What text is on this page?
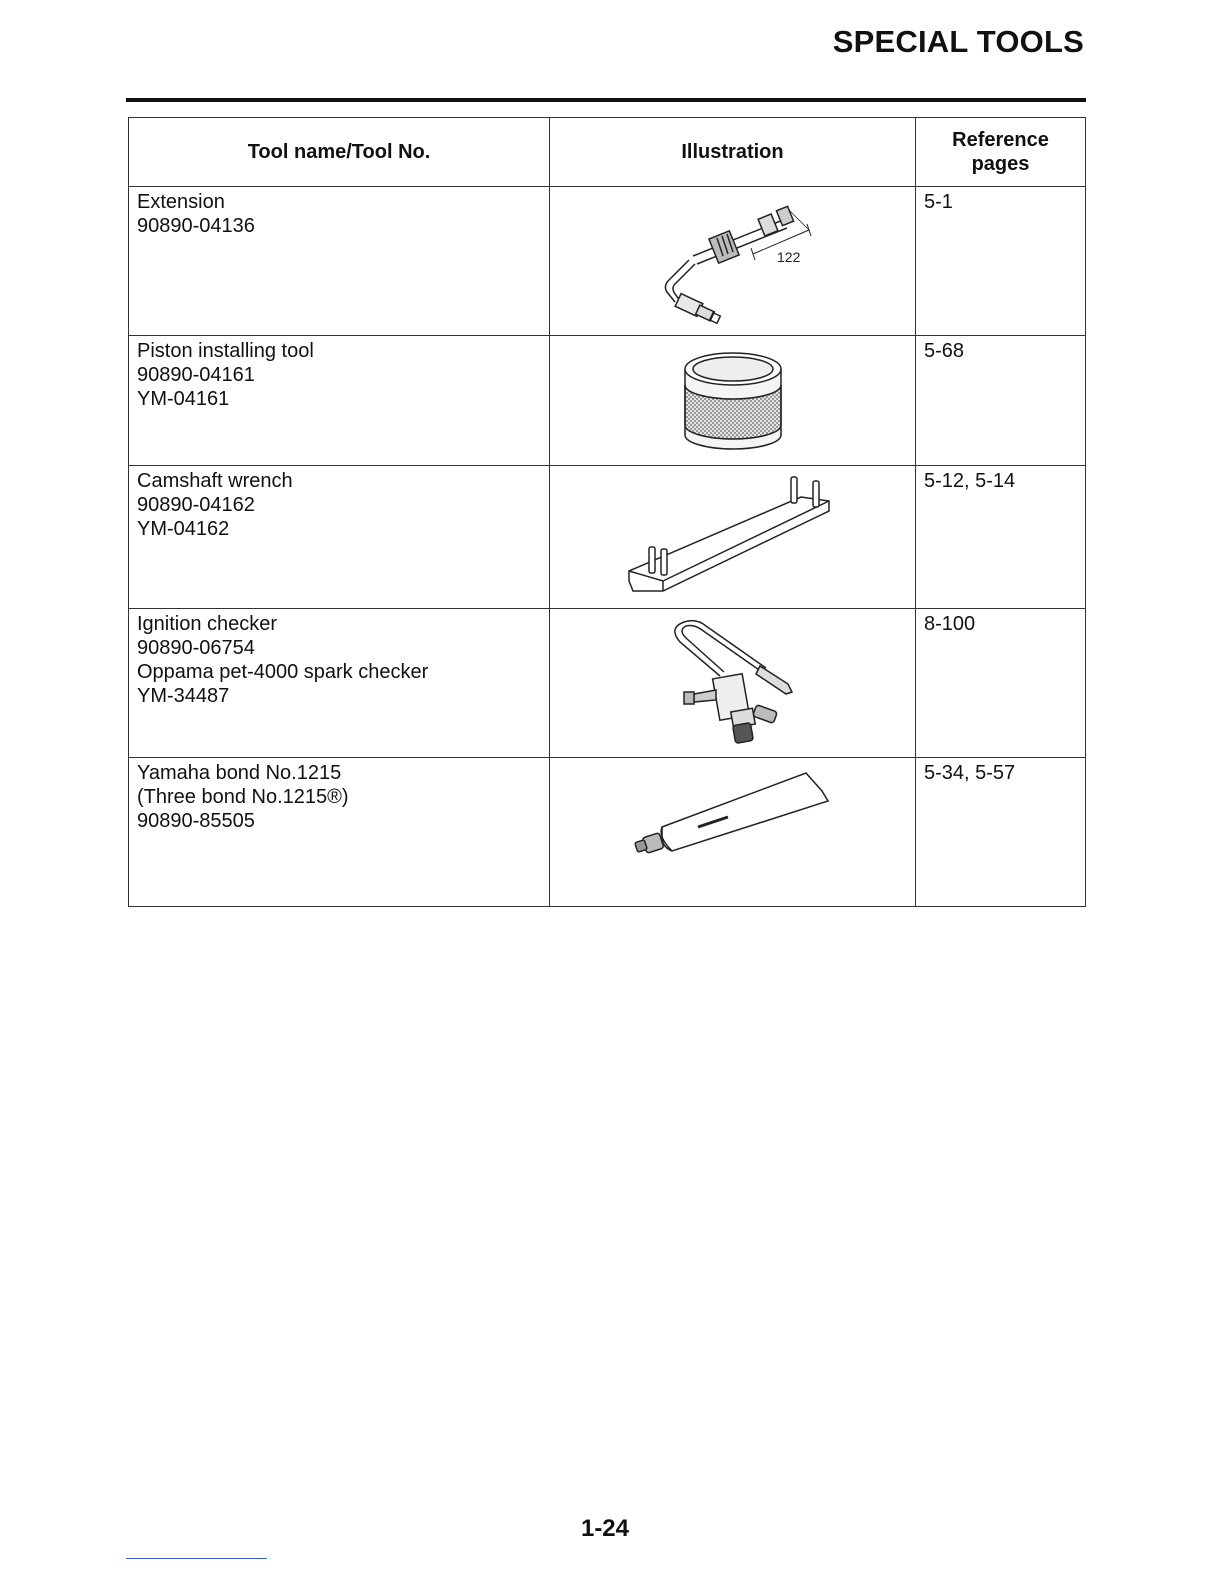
SPECIAL TOOLS
Tool name/Tool No.	Illustration	Reference pages

Extension
90890-04136	122	5-1

Piston installing tool
90890-04161
YM-04161		5-68

Camshaft wrench
90890-04162
YM-04162		5-12, 5-14

Ignition checker
90890-06754
Oppama pet-4000 spark checker
YM-34487		8-100

Yamaha bond No.1215
(Three bond No.1215®)
90890-85505		5-34, 5-57
1-24
